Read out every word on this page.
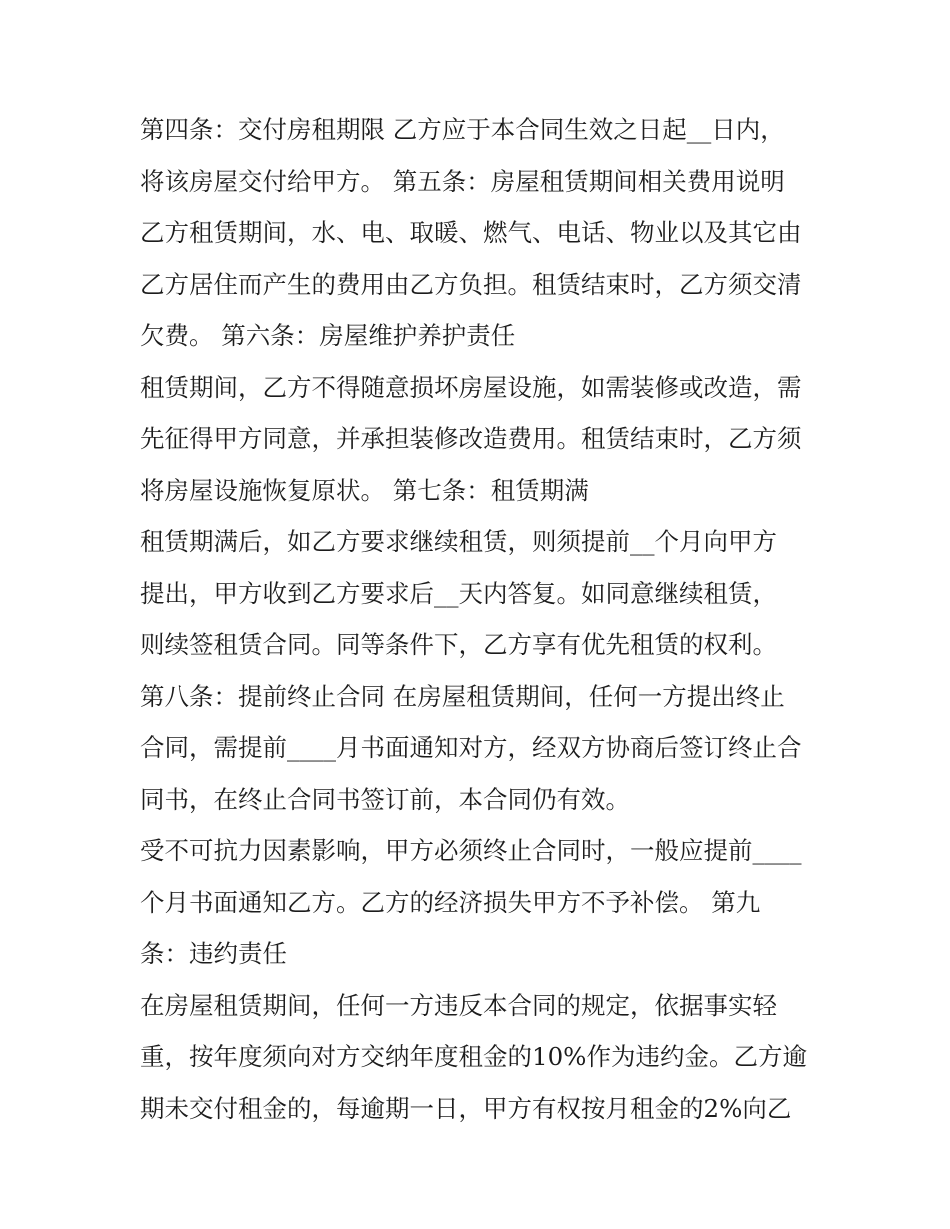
第四条：交付房租期限 乙方应于本合同生效之日起__日内，
将该房屋交付给甲方。 第五条：房屋租赁期间相关费用说明
乙方租赁期间，水、电、取暖、燃气、电话、物业以及其它由
乙方居住而产生的费用由乙方负担。租赁结束时，乙方须交清
欠费。 第六条：房屋维护养护责任
租赁期间，乙方不得随意损坏房屋设施，如需装修或改造，需
先征得甲方同意，并承担装修改造费用。租赁结束时，乙方须
将房屋设施恢复原状。 第七条：租赁期满
租赁期满后，如乙方要求继续租赁，则须提前__个月向甲方
提出，甲方收到乙方要求后__天内答复。如同意继续租赁，
则续签租赁合同。同等条件下，乙方享有优先租赁的权利。
第八条：提前终止合同 在房屋租赁期间，任何一方提出终止
合同，需提前____月书面通知对方，经双方协商后签订终止合
同书，在终止合同书签订前，本合同仍有效。
受不可抗力因素影响，甲方必须终止合同时，一般应提前____
个月书面通知乙方。乙方的经济损失甲方不予补偿。 第九
条：违约责任
在房屋租赁期间，任何一方违反本合同的规定，依据事实轻
重，按年度须向对方交纳年度租金的10%作为违约金。乙方逾
期未交付租金的，每逾期一日，甲方有权按月租金的2%向乙
